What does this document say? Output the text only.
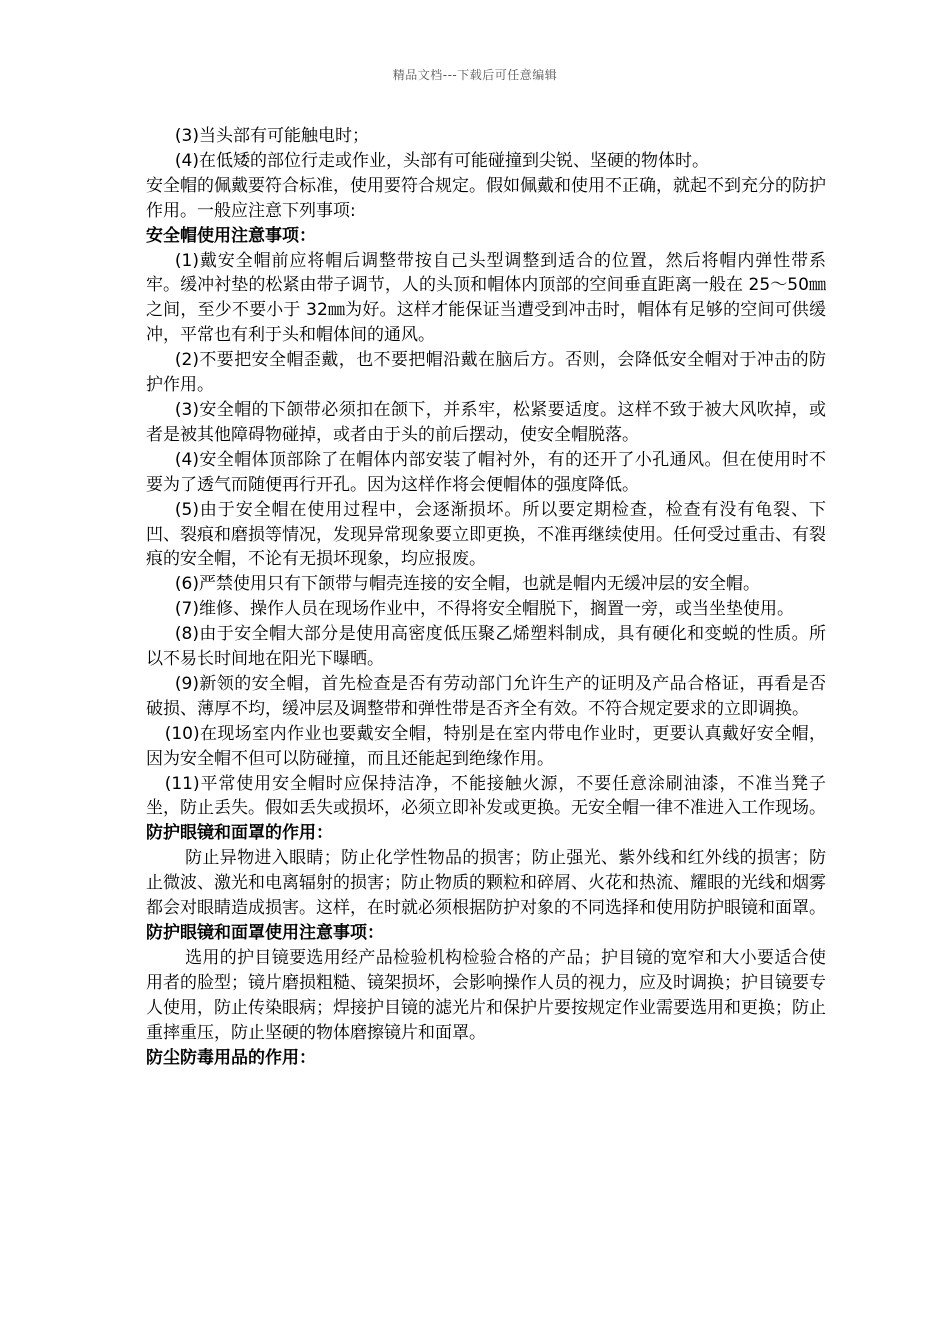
精品文档---下载后可任意编辑

(3)当头部有可能触电时；

(4)在低矮的部位行走或作业，头部有可能碰撞到尖锐、坚硬的物体时。

安全帽的佩戴要符合标准，使用要符合规定。假如佩戴和使用不正确，就起不到充分的防护作用。一般应注意下列事项:

安全帽使用注意事项：

(1)戴安全帽前应将帽后调整带按自己头型调整到适合的位置，然后将帽内弹性带系牢。缓冲衬垫的松紧由带子调节，人的头顶和帽体内顶部的空间垂直距离一般在 25～50㎜之间，至少不要小于 32㎜为好。这样才能保证当遭受到冲击时，帽体有足够的空间可供缓冲，平常也有利于头和帽体间的通风。

(2)不要把安全帽歪戴，也不要把帽沿戴在脑后方。否则，会降低安全帽对于冲击的防护作用。

(3)安全帽的下颌带必须扣在颌下，并系牢，松紧要适度。这样不致于被大风吹掉，或者是被其他障碍物碰掉，或者由于头的前后摆动，使安全帽脱落。

(4)安全帽体顶部除了在帽体内部安装了帽衬外，有的还开了小孔通风。但在使用时不要为了透气而随便再行开孔。因为这样作将会便帽体的强度降低。

(5)由于安全帽在使用过程中，会逐渐损坏。所以要定期检查，检查有没有龟裂、下凹、裂痕和磨损等情况，发现异常现象要立即更换，不准再继续使用。任何受过重击、有裂痕的安全帽，不论有无损坏现象，均应报废。

(6)严禁使用只有下颌带与帽壳连接的安全帽，也就是帽内无缓冲层的安全帽。

(7)维修、操作人员在现场作业中，不得将安全帽脱下，搁置一旁，或当坐垫使用。

(8)由于安全帽大部分是使用高密度低压聚乙烯塑料制成，具有硬化和变蜕的性质。所以不易长时间地在阳光下曝晒。

(9)新领的安全帽，首先检查是否有劳动部门允许生产的证明及产品合格证，再看是否破损、薄厚不均，缓冲层及调整带和弹性带是否齐全有效。不符合规定要求的立即调换。

(10)在现场室内作业也要戴安全帽，特别是在室内带电作业时，更要认真戴好安全帽，因为安全帽不但可以防碰撞，而且还能起到绝缘作用。

(11)平常使用安全帽时应保持洁净，不能接触火源，不要任意涂刷油漆，不准当凳子坐，防止丢失。假如丢失或损坏，必须立即补发或更换。无安全帽一律不准进入工作现场。

防护眼镜和面罩的作用：

防止异物进入眼睛；防止化学性物品的损害；防止强光、紫外线和红外线的损害；防止微波、激光和电离辐射的损害；防止物质的颗粒和碎屑、火花和热流、耀眼的光线和烟雾都会对眼睛造成损害。这样，在时就必须根据防护对象的不同选择和使用防护眼镜和面罩。

防护眼镜和面罩使用注意事项：

选用的护目镜要选用经产品检验机构检验合格的产品；护目镜的宽窄和大小要适合使用者的脸型；镜片磨损粗糙、镜架损坏，会影响操作人员的视力，应及时调换；护目镜要专人使用，防止传染眼病；焊接护目镜的滤光片和保护片要按规定作业需要选用和更换；防止重摔重压，防止坚硬的物体磨擦镜片和面罩。

防尘防毒用品的作用：
